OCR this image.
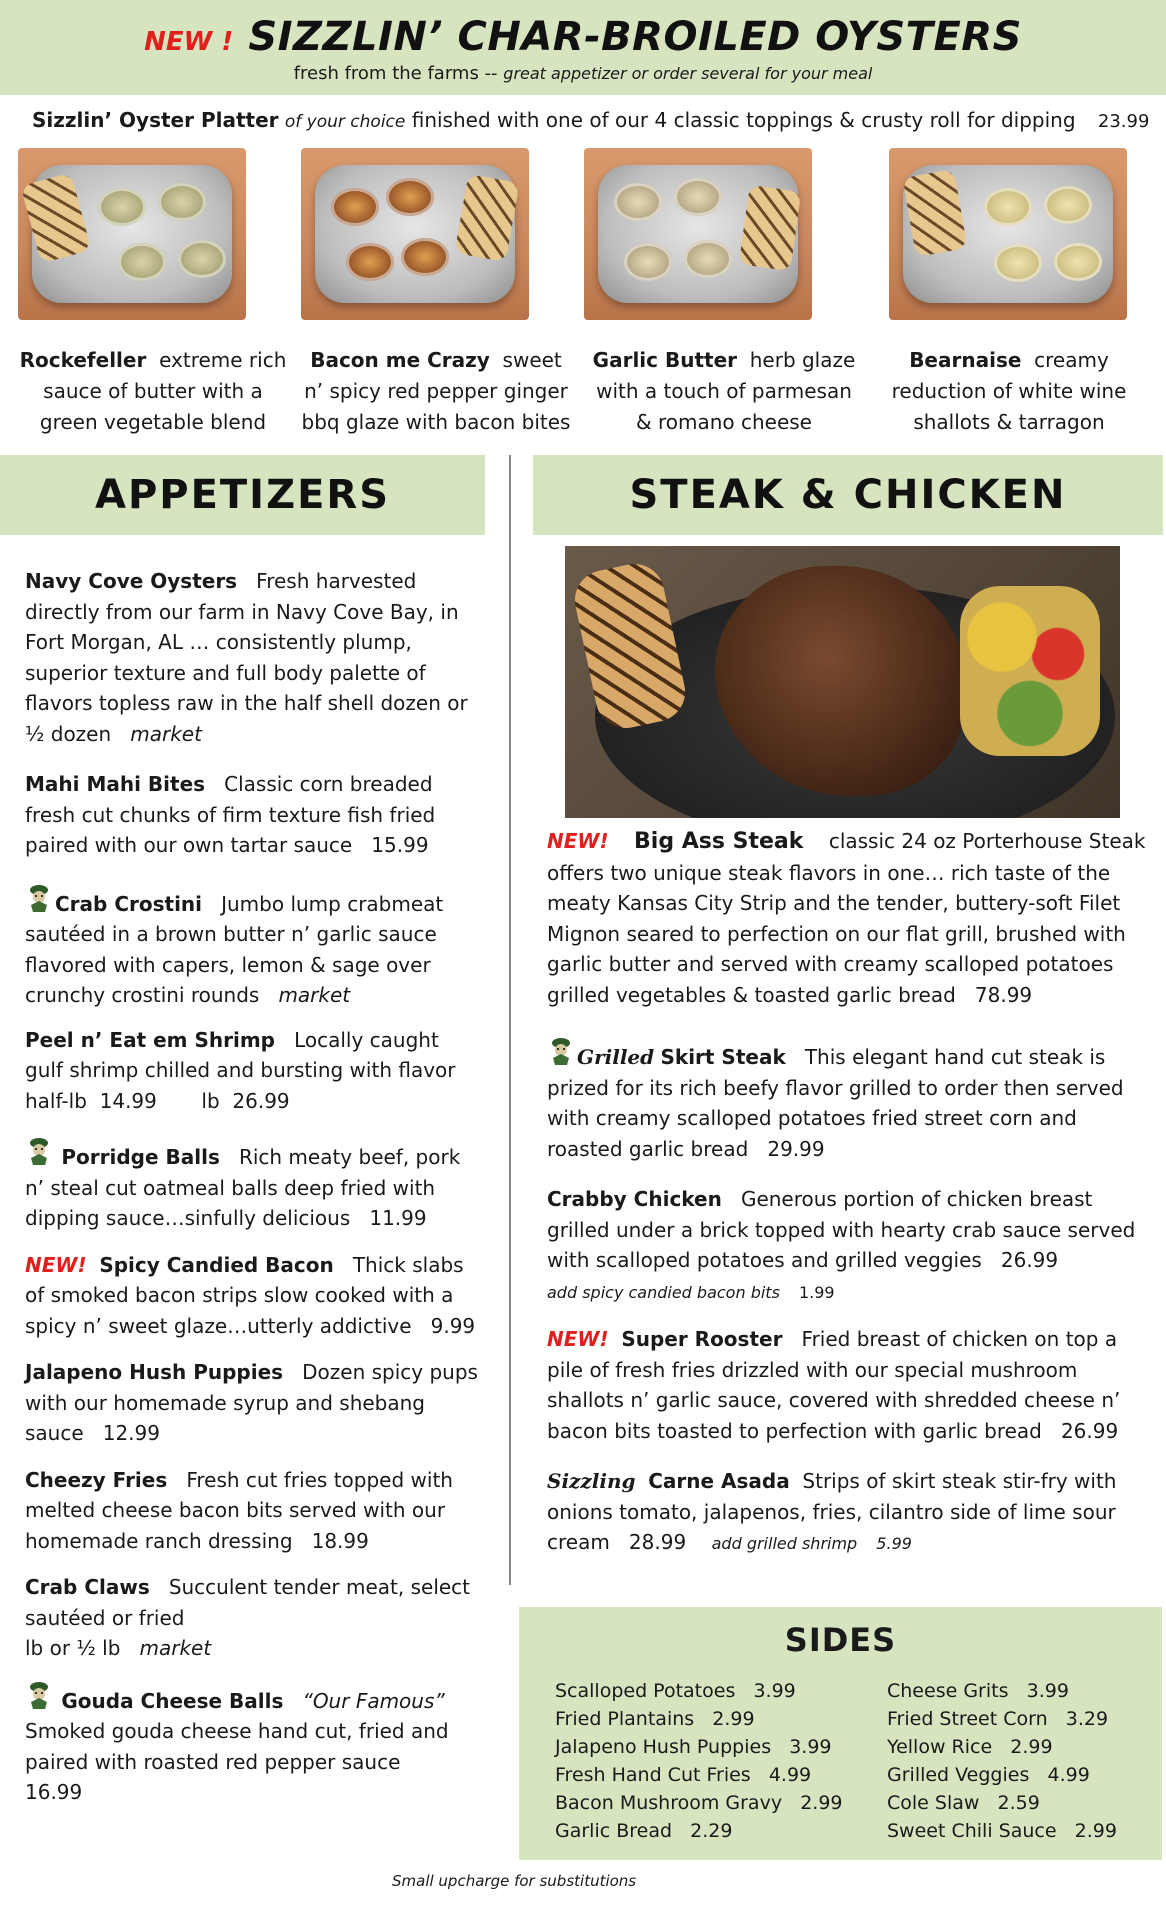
NEW ! SIZZLIN’ CHAR-BROILED OYSTERS
fresh from the farms -- great appetizer or order several for your meal
Sizzlin’ Oyster Platter of your choice finished with one of our 4 classic toppings & crusty roll for dipping 23.99
Rockefeller extreme rich sauce of butter with a green vegetable blend
Bacon me Crazy sweet n’ spicy red pepper ginger bbq glaze with bacon bites
Garlic Butter herb glaze with a touch of parmesan & romano cheese
Bearnaise creamy reduction of white wine shallots & tarragon
APPETIZERS	STEAK & CHICKEN

Navy Cove Oysters Fresh harvested directly from our farm in Navy Cove Bay, in Fort Morgan, AL … consistently plump, superior texture and full body palette of flavors topless raw in the half shell dozen or ½ dozen market

Mahi Mahi Bites Classic corn breaded fresh cut chunks of firm texture fish fried paired with our own tartar sauce 15.99

Crab Crostini Jumbo lump crabmeat sautéed in a brown butter n’ garlic sauce flavored with capers, lemon & sage over crunchy crostini rounds market

Peel n’ Eat em Shrimp Locally caught gulf shrimp chilled and bursting with flavor half-lb 14.99 lb 26.99

Porridge Balls Rich meaty beef, pork n’ steal cut oatmeal balls deep fried with dipping sauce…sinfully delicious 11.99

NEW! Spicy Candied Bacon Thick slabs of smoked bacon strips slow cooked with a spicy n’ sweet glaze…utterly addictive 9.99

Jalapeno Hush Puppies Dozen spicy pups with our homemade syrup and shebang sauce 12.99

Cheezy Fries Fresh cut fries topped with melted cheese bacon bits served with our homemade ranch dressing 18.99

Crab Claws Succulent tender meat, select sautéed or fried
lb or ½ lb market

Gouda Cheese Balls “Our Famous”
Smoked gouda cheese hand cut, fried and paired with roasted red pepper sauce
16.99

NEW! Big Ass Steak classic 24 oz Porterhouse Steak offers two unique steak flavors in one… rich taste of the meaty Kansas City Strip and the tender, buttery-soft Filet Mignon seared to perfection on our flat grill, brushed with garlic butter and served with creamy scalloped potatoes grilled vegetables & toasted garlic bread 78.99

Grilled Skirt Steak This elegant hand cut steak is prized for its rich beefy flavor grilled to order then served with creamy scalloped potatoes fried street corn and roasted garlic bread 29.99

Crabby Chicken Generous portion of chicken breast grilled under a brick topped with hearty crab sauce served with scalloped potatoes and grilled veggies 26.99
add spicy candied bacon bits 1.99

NEW! Super Rooster Fried breast of chicken on top a pile of fresh fries drizzled with our special mushroom shallots n’ garlic sauce, covered with shredded cheese n’ bacon bits toasted to perfection with garlic bread 26.99

Sizzling Carne Asada Strips of skirt steak stir-fry with onions tomato, jalapenos, fries, cilantro side of lime sour cream 28.99 add grilled shrimp 5.99

SIDES
Scalloped Potatoes 3.99
Fried Plantains 2.99
Jalapeno Hush Puppies 3.99
Fresh Hand Cut Fries 4.99
Bacon Mushroom Gravy 2.99
Garlic Bread 2.29
Cheese Grits 3.99
Fried Street Corn 3.29
Yellow Rice 2.99
Grilled Veggies 4.99
Cole Slaw 2.59
Sweet Chili Sauce 2.99
Small upcharge for substitutions
